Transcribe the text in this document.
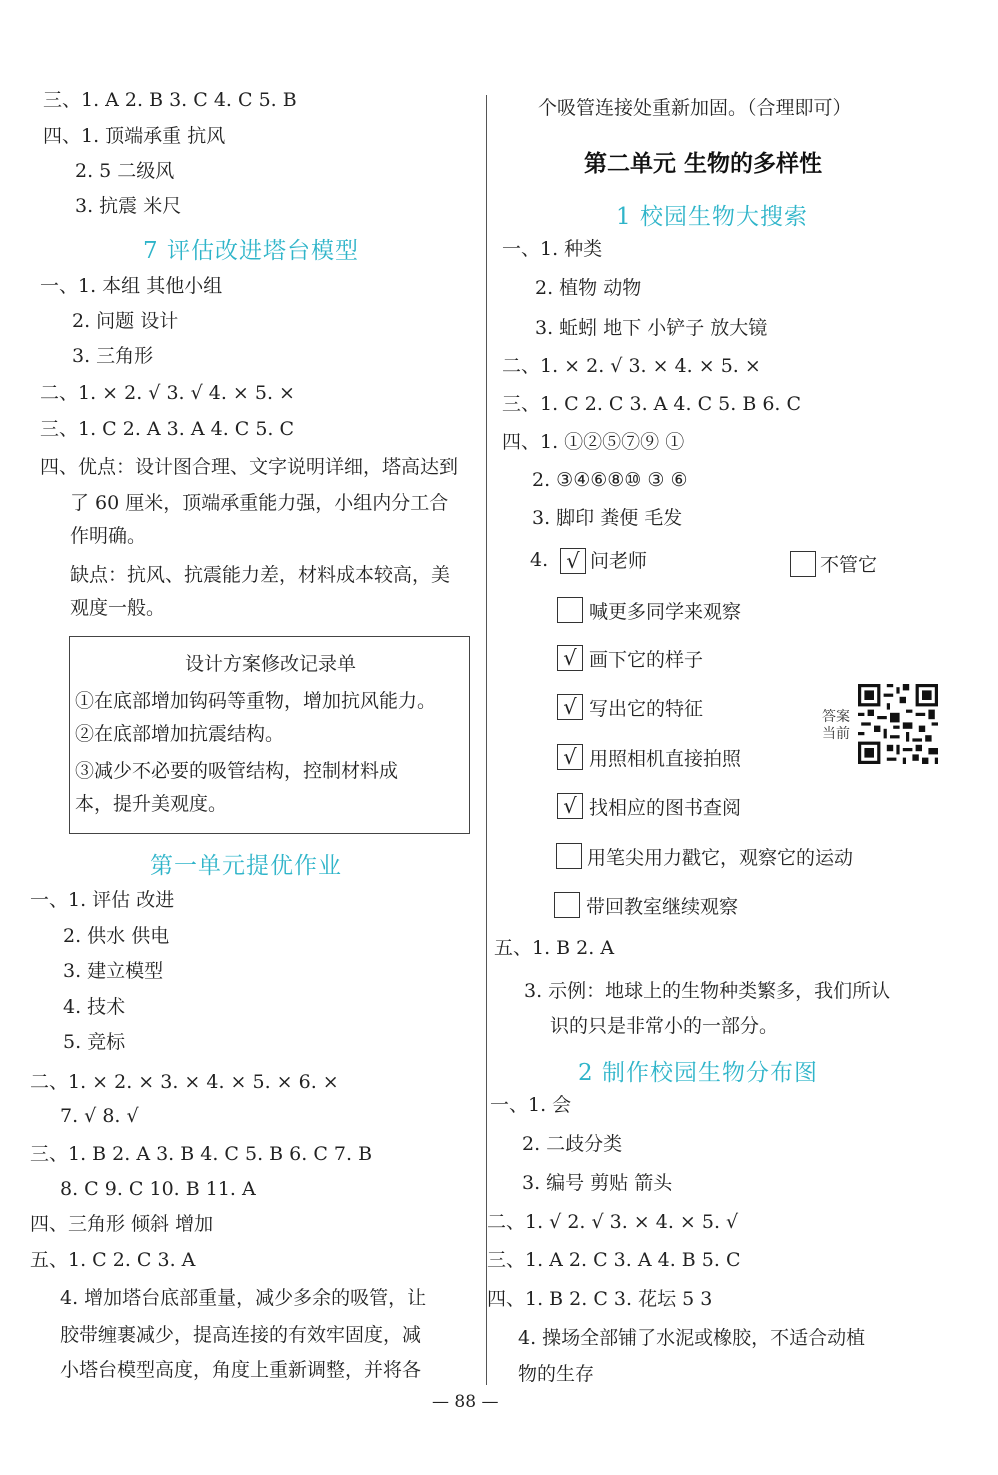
三、1. A 2. B 3. C 4. C 5. B
四、1. 顶端承重 抗风
2. 5 二级风
3. 抗震 米尺
7 评估改进塔台模型
一、1. 本组 其他小组
2. 问题 设计
3. 三角形
二、1. × 2. √ 3. √ 4. × 5. ×
三、1. C 2. A 3. A 4. C 5. C
四、优点：设计图合理、文字说明详细，塔高达到
了 60 厘米，顶端承重能力强，小组内分工合
作明确。
缺点：抗风、抗震能力差，材料成本较高，美
观度一般。
设计方案修改记录单
①在底部增加钩码等重物，增加抗风能力。
②在底部增加抗震结构。
③减少不必要的吸管结构，控制材料成
本，提升美观度。
第一单元提优作业
一、1. 评估 改进
2. 供水 供电
3. 建立模型
4. 技术
5. 竞标
二、1. × 2. × 3. × 4. × 5. × 6. ×
7. √ 8. √
三、1. B 2. A 3. B 4. C 5. B 6. C 7. B
8. C 9. C 10. B 11. A
四、三角形 倾斜 增加
五、1. C 2. C 3. A
4. 增加塔台底部重量，减少多余的吸管，让
胶带缠裹减少，提高连接的有效牢固度，减
小塔台模型高度，角度上重新调整，并将各
个吸管连接处重新加固。（合理即可）
第二单元 生物的多样性
1 校园生物大搜索
一、1. 种类
2. 植物 动物
3. 蚯蚓 地下 小铲子 放大镜
二、1. × 2. √ 3. × 4. × 5. ×
三、1. C 2. C 3. A 4. C 5. B 6. C
四、1. ①②⑤⑦⑨ ①
2. ③④⑥⑧⑩ ③ ⑥
3. 脚印 粪便 毛发
4. √ 问老师	不管它
喊更多同学来观察
√ 画下它的样子
√ 写出它的特征
√ 用照相机直接拍照
√ 找相应的图书查阅
用笔尖用力戳它，观察它的运动
带回教室继续观察
答案
当前
五、1. B 2. A
3. 示例：地球上的生物种类繁多，我们所认
识的只是非常小的一部分。
2 制作校园生物分布图
一、1. 会
2. 二歧分类
3. 编号 剪贴 箭头
二、1. √ 2. √ 3. × 4. × 5. √
三、1. A 2. C 3. A 4. B 5. C
四、1. B 2. C 3. 花坛 5 3
4. 操场全部铺了水泥或橡胶，不适合动植
物的生存
— 88 —
